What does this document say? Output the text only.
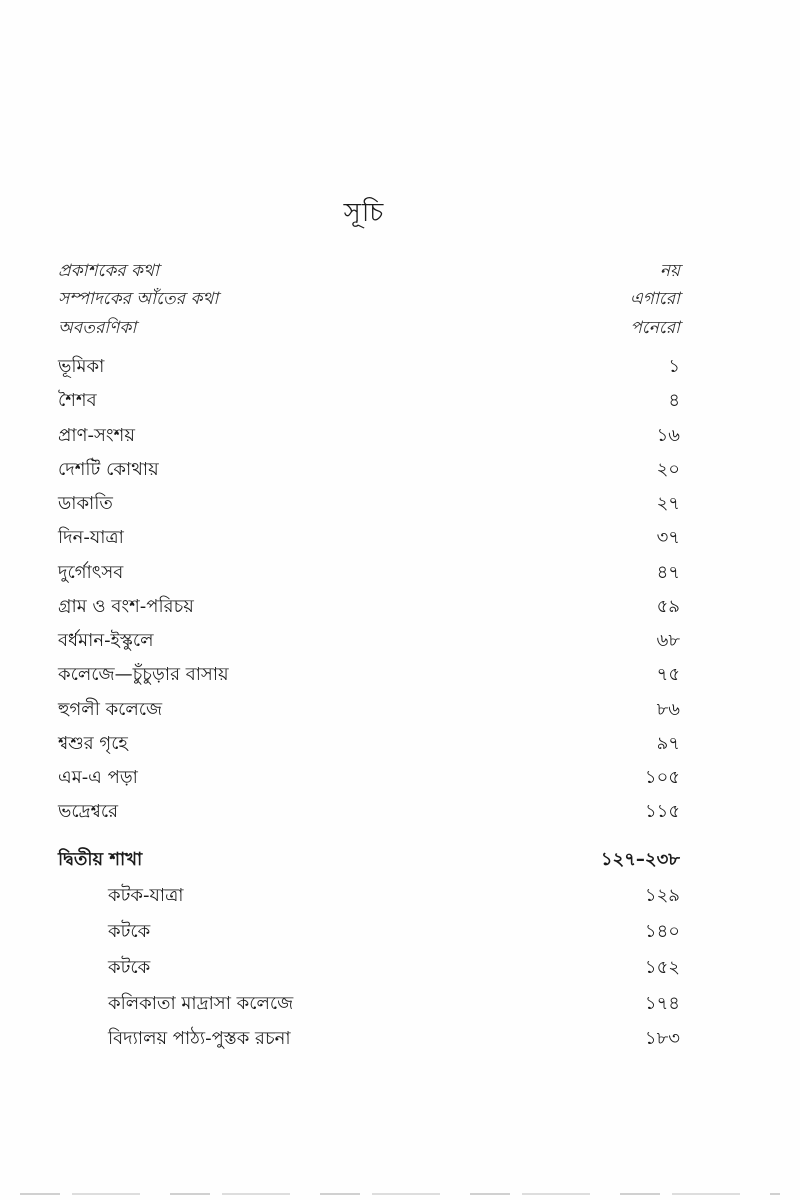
সূচি
প্রকাশকের কথা	নয়
সম্পাদকের আঁতের কথা	এগারো
অবতরণিকা	পনেরো
ভূমিকা	১
শৈশব	৪
প্রাণ-সংশয়	১৬
দেশটি কোথায়	২০
ডাকাতি	২৭
দিন-যাত্রা	৩৭
দুর্গোৎসব	৪৭
গ্রাম ও বংশ-পরিচয়	৫৯
বর্ধমান-ইস্কুলে	৬৮
কলেজে—চুঁচুড়ার বাসায়	৭৫
হুগলী কলেজে	৮৬
শ্বশুর গৃহে	৯৭
এম-এ পড়া	১০৫
ভদ্রেশ্বরে	১১৫
দ্বিতীয় শাখা	১২৭–২৩৮
কটক-যাত্রা	১২৯
কটকে	১৪০
কটকে	১৫২
কলিকাতা মাদ্রাসা কলেজে	১৭৪
বিদ্যালয় পাঠ্য-পুস্তক রচনা	১৮৩
